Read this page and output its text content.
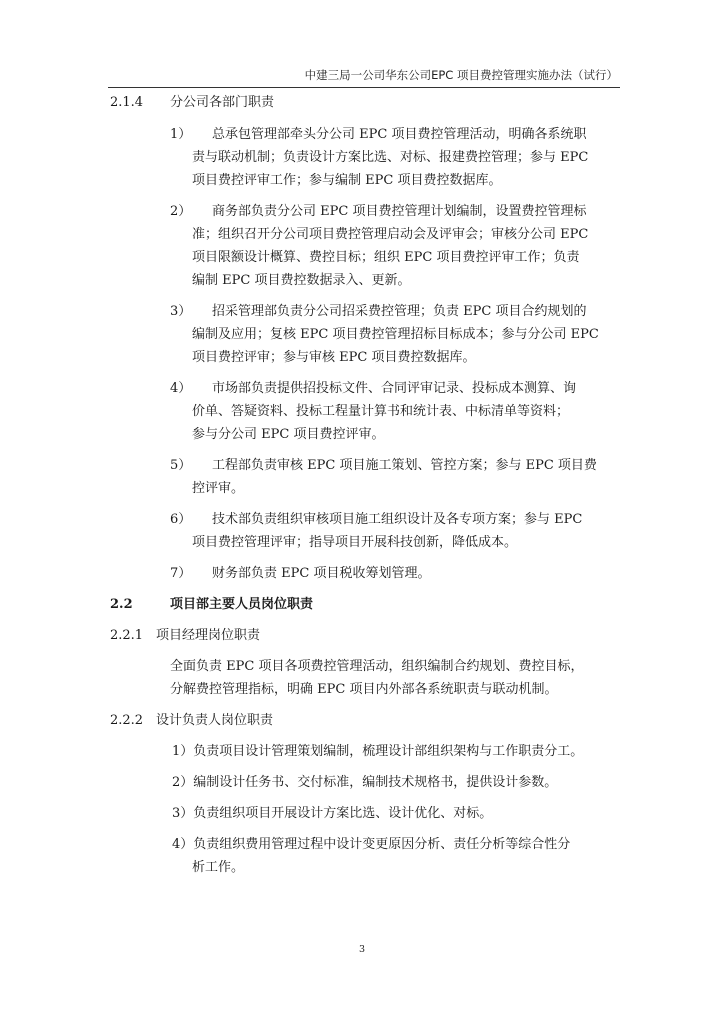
中建三局一公司华东公司EPC 项目费控管理实施办法（试行）
2.1.4 分公司各部门职责
1） 总承包管理部牵头分公司 EPC 项目费控管理活动，明确各系统职
责与联动机制；负责设计方案比选、对标、报建费控管理；参与 EPC
项目费控评审工作；参与编制 EPC 项目费控数据库。
2） 商务部负责分公司 EPC 项目费控管理计划编制，设置费控管理标
准；组织召开分公司项目费控管理启动会及评审会；审核分公司 EPC
项目限额设计概算、费控目标；组织 EPC 项目费控评审工作；负责
编制 EPC 项目费控数据录入、更新。
3） 招采管理部负责分公司招采费控管理；负责 EPC 项目合约规划的
编制及应用；复核 EPC 项目费控管理招标目标成本；参与分公司 EPC
项目费控评审；参与审核 EPC 项目费控数据库。
4） 市场部负责提供招投标文件、合同评审记录、投标成本测算、询
价单、答疑资料、投标工程量计算书和统计表、中标清单等资料；
参与分公司 EPC 项目费控评审。
5） 工程部负责审核 EPC 项目施工策划、管控方案；参与 EPC 项目费
控评审。
6） 技术部负责组织审核项目施工组织设计及各专项方案；参与 EPC
项目费控管理评审；指导项目开展科技创新，降低成本。
7） 财务部负责 EPC 项目税收筹划管理。
2.2	项目部主要人员岗位职责
2.2.1 项目经理岗位职责
全面负责 EPC 项目各项费控管理活动，组织编制合约规划、费控目标，
分解费控管理指标，明确 EPC 项目内外部各系统职责与联动机制。
2.2.2 设计负责人岗位职责
1）负责项目设计管理策划编制，梳理设计部组织架构与工作职责分工。
2）编制设计任务书、交付标准，编制技术规格书，提供设计参数。
3）负责组织项目开展设计方案比选、设计优化、对标。
4）负责组织费用管理过程中设计变更原因分析、责任分析等综合性分
析工作。
3
